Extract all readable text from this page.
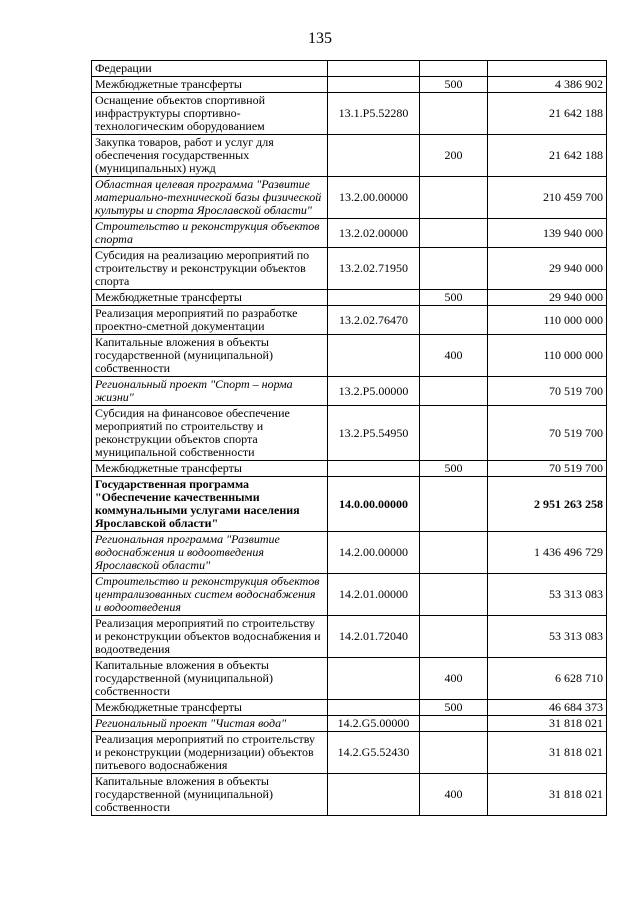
135
Федерации			
Межбюджетные трансферты		500	4 386 902
Оснащение объектов спортивной инфраструктуры спортивно-технологическим оборудованием	13.1.Р5.52280		21 642 188
Закупка товаров, работ и услуг для обеспечения государственных (муниципальных) нужд		200	21 642 188
Областная целевая программа "Развитие материально-технической базы физической культуры и спорта Ярославской области"	13.2.00.00000		210 459 700
Строительство и реконструкция объектов спорта	13.2.02.00000		139 940 000
Субсидия на реализацию мероприятий по строительству и реконструкции объектов спорта	13.2.02.71950		29 940 000
Межбюджетные трансферты		500	29 940 000
Реализация мероприятий по разработке проектно-сметной документации	13.2.02.76470		110 000 000
Капитальные вложения в объекты государственной (муниципальной) собственности		400	110 000 000
Региональный проект "Спорт – норма жизни"	13.2.Р5.00000		70 519 700
Субсидия на финансовое обеспечение мероприятий по строительству и реконструкции объектов спорта муниципальной собственности	13.2.Р5.54950		70 519 700
Межбюджетные трансферты		500	70 519 700
Государственная программа "Обеспечение качественными коммунальными услугами населения Ярославской области"	14.0.00.00000		2 951 263 258
Региональная программа "Развитие водоснабжения и водоотведения Ярославской области"	14.2.00.00000		1 436 496 729
Строительство и реконструкция объектов централизованных систем водоснабжения и водоотведения	14.2.01.00000		53 313 083
Реализация мероприятий по строительству и реконструкции объектов водоснабжения и водоотведения	14.2.01.72040		53 313 083
Капитальные вложения в объекты государственной (муниципальной) собственности		400	6 628 710
Межбюджетные трансферты		500	46 684 373
Региональный проект "Чистая вода"	14.2.G5.00000		31 818 021
Реализация мероприятий по строительству и реконструкции (модернизации) объектов питьевого водоснабжения	14.2.G5.52430		31 818 021
Капитальные вложения в объекты государственной (муниципальной) собственности		400	31 818 021
